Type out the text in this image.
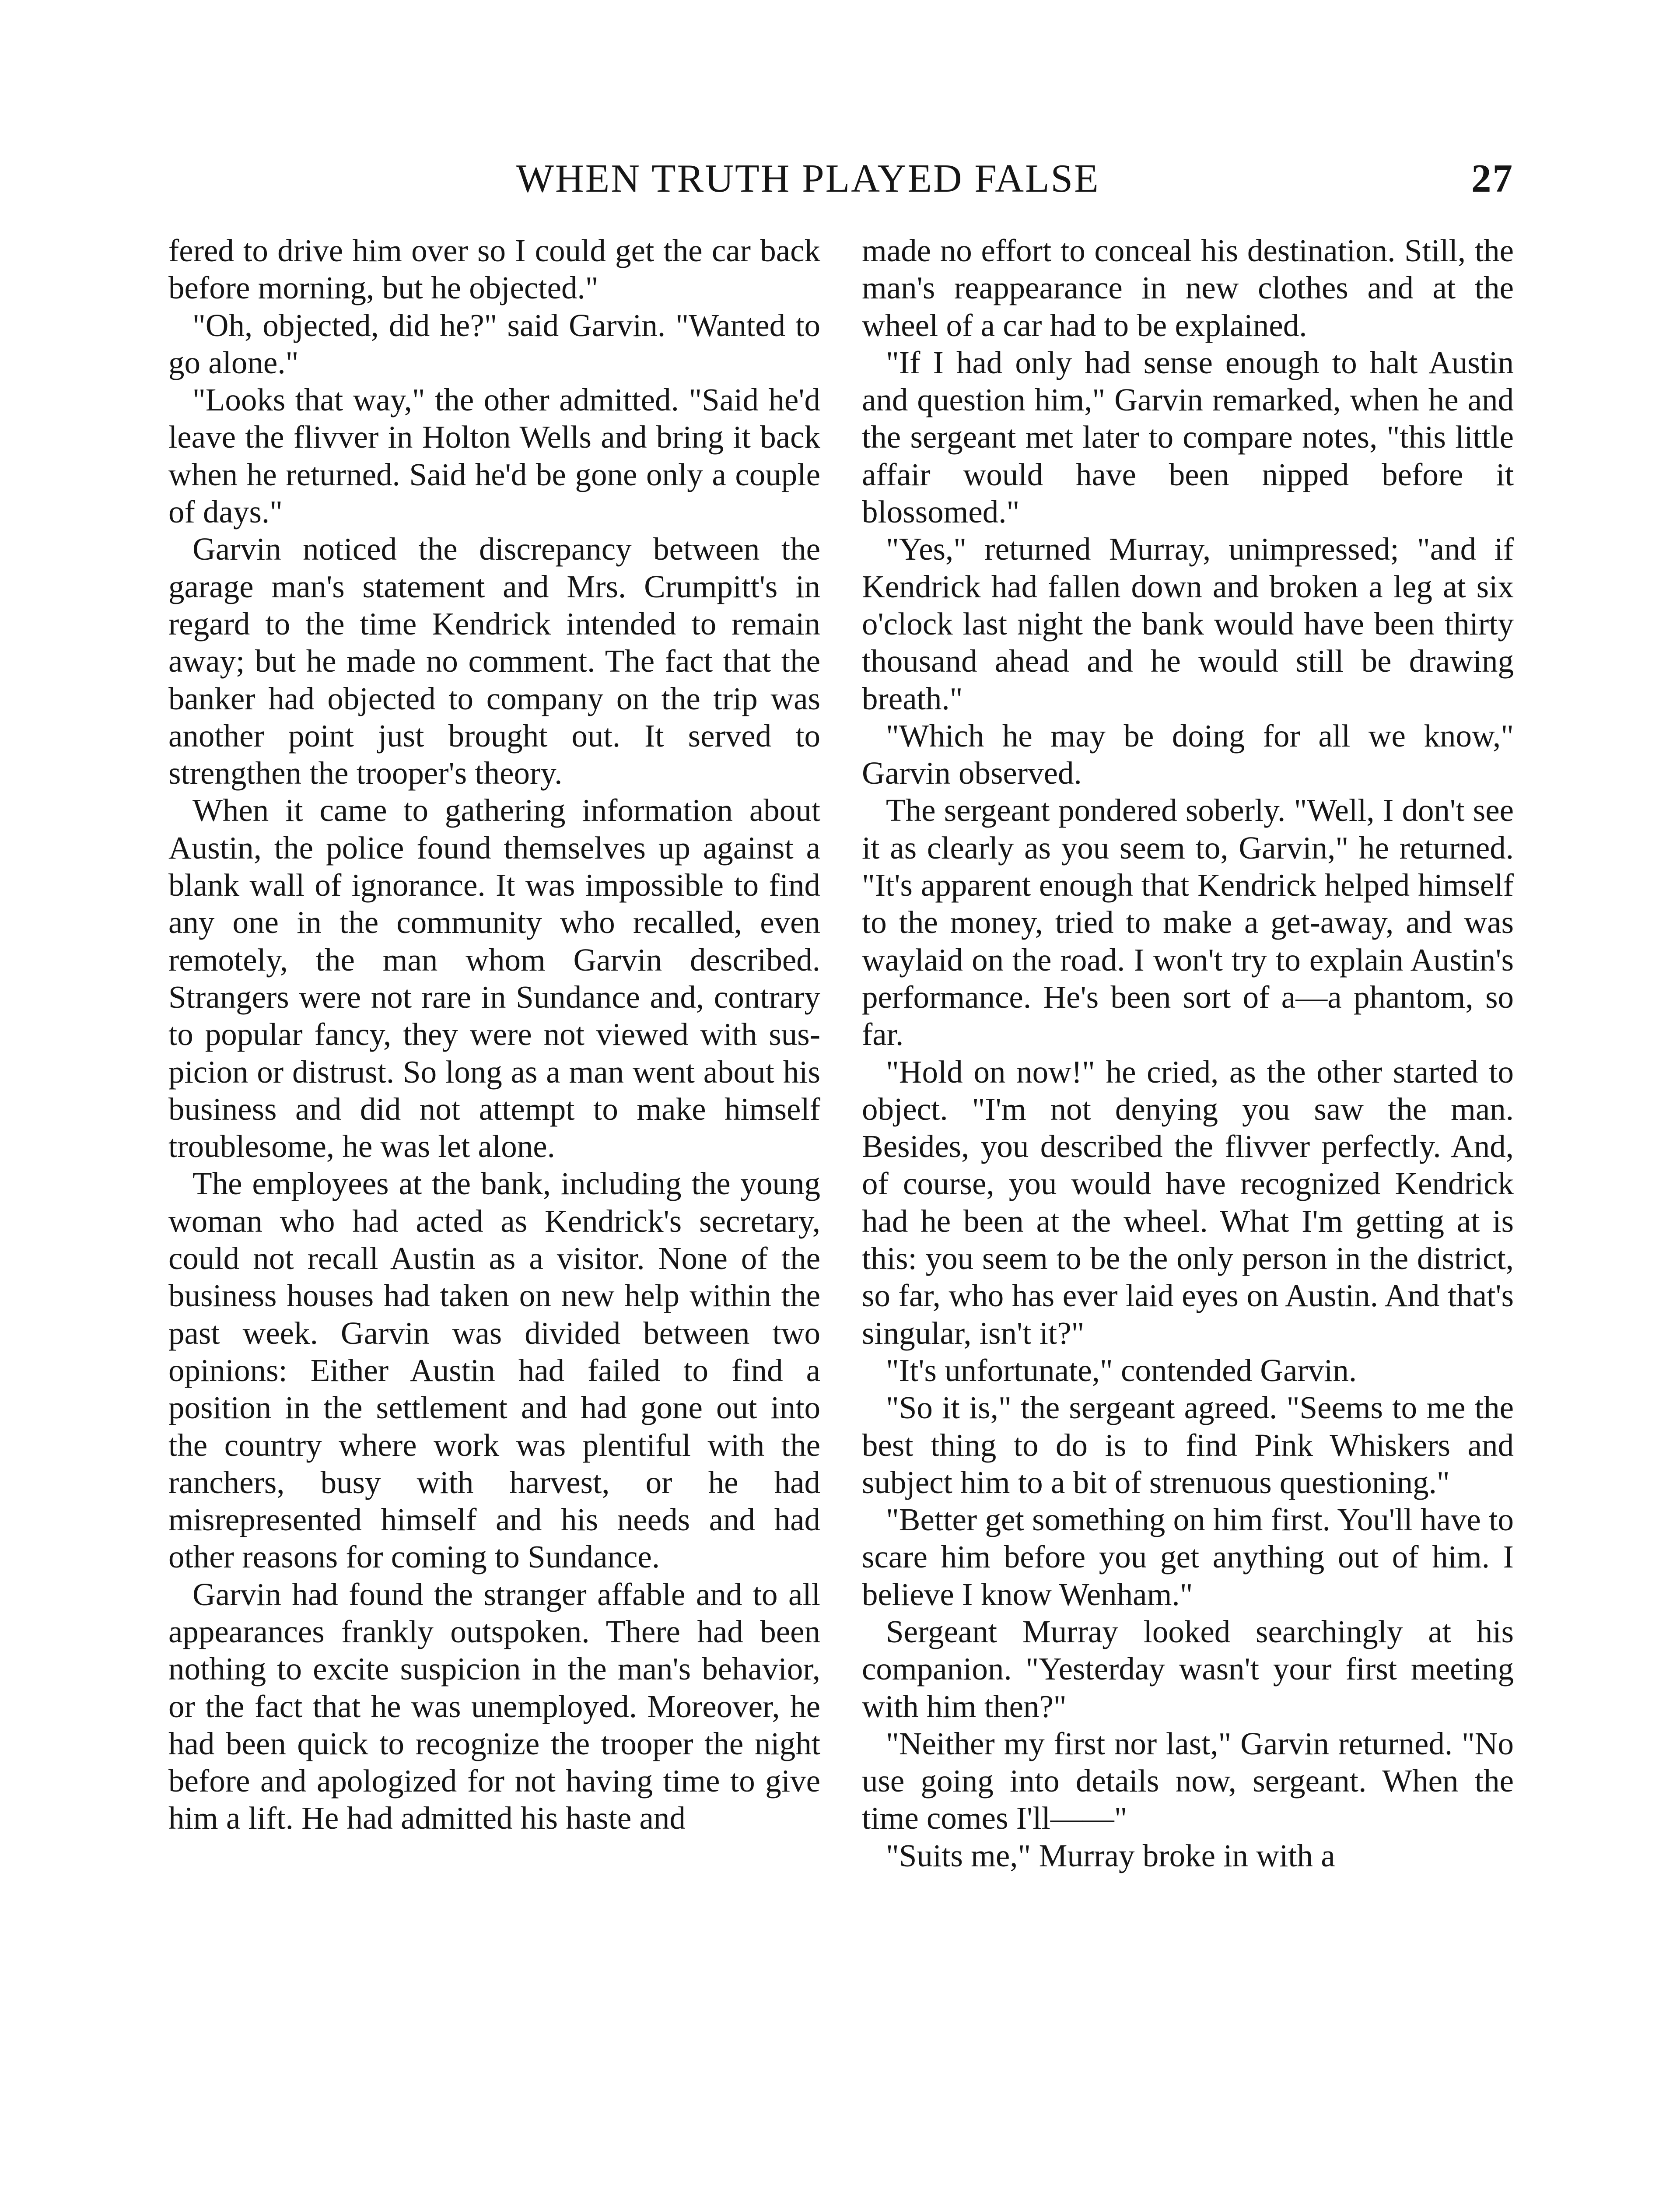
WHEN TRUTH PLAYED FALSE	27

fered to drive him over so I could get the car back before morning, but he objected."

"Oh, objected, did he?" said Garvin. "Wanted to go alone."

"Looks that way," the other admitted. "Said he'd leave the flivver in Holton Wells and bring it back when he returned. Said he'd be gone only a couple of days."

Garvin noticed the discrepancy between the garage man's statement and Mrs. Crumpitt's in regard to the time Kendrick intended to remain away; but he made no comment. The fact that the banker had objected to company on the trip was another point just brought out. It served to strengthen the trooper's theory.

When it came to gathering information about Austin, the police found themselves up against a blank wall of ignorance. It was impossible to find any one in the community who recalled, even remotely, the man whom Garvin described. Strangers were not rare in Sundance and, contrary to popular fancy, they were not viewed with suspicion or distrust. So long as a man went about his business and did not attempt to make himself troublesome, he was let alone.

The employees at the bank, including the young woman who had acted as Kendrick's secretary, could not recall Austin as a visitor. None of the business houses had taken on new help within the past week. Garvin was divided between two opinions: Either Austin had failed to find a position in the settlement and had gone out into the country where work was plentiful with the ranchers, busy with harvest, or he had misrepresented himself and his needs and had other reasons for coming to Sundance.

Garvin had found the stranger affable and to all appearances frankly outspoken. There had been nothing to excite suspicion in the man's behavior, or the fact that he was unemployed. Moreover, he had been quick to recognize the trooper the night before and apologized for not having time to give him a lift. He had admitted his haste and

made no effort to conceal his destination. Still, the man's reappearance in new clothes and at the wheel of a car had to be explained.

"If I had only had sense enough to halt Austin and question him," Garvin remarked, when he and the sergeant met later to compare notes, "this little affair would have been nipped before it blossomed."

"Yes," returned Murray, unimpressed; "and if Kendrick had fallen down and broken a leg at six o'clock last night the bank would have been thirty thousand ahead and he would still be drawing breath."

"Which he may be doing for all we know," Garvin observed.

The sergeant pondered soberly. "Well, I don't see it as clearly as you seem to, Garvin," he returned. "It's apparent enough that Kendrick helped himself to the money, tried to make a get-away, and was waylaid on the road. I won't try to explain Austin's performance. He's been sort of a—a phantom, so far.

"Hold on now!" he cried, as the other started to object. "I'm not denying you saw the man. Besides, you described the flivver perfectly. And, of course, you would have recognized Kendrick had he been at the wheel. What I'm getting at is this: you seem to be the only person in the district, so far, who has ever laid eyes on Austin. And that's singular, isn't it?"

"It's unfortunate," contended Garvin.

"So it is," the sergeant agreed. "Seems to me the best thing to do is to find Pink Whiskers and subject him to a bit of strenuous questioning."

"Better get something on him first. You'll have to scare him before you get anything out of him. I believe I know Wenham."

Sergeant Murray looked searchingly at his companion. "Yesterday wasn't your first meeting with him then?"

"Neither my first nor last," Garvin returned. "No use going into details now, sergeant. When the time comes I'll——"

"Suits me," Murray broke in with a
